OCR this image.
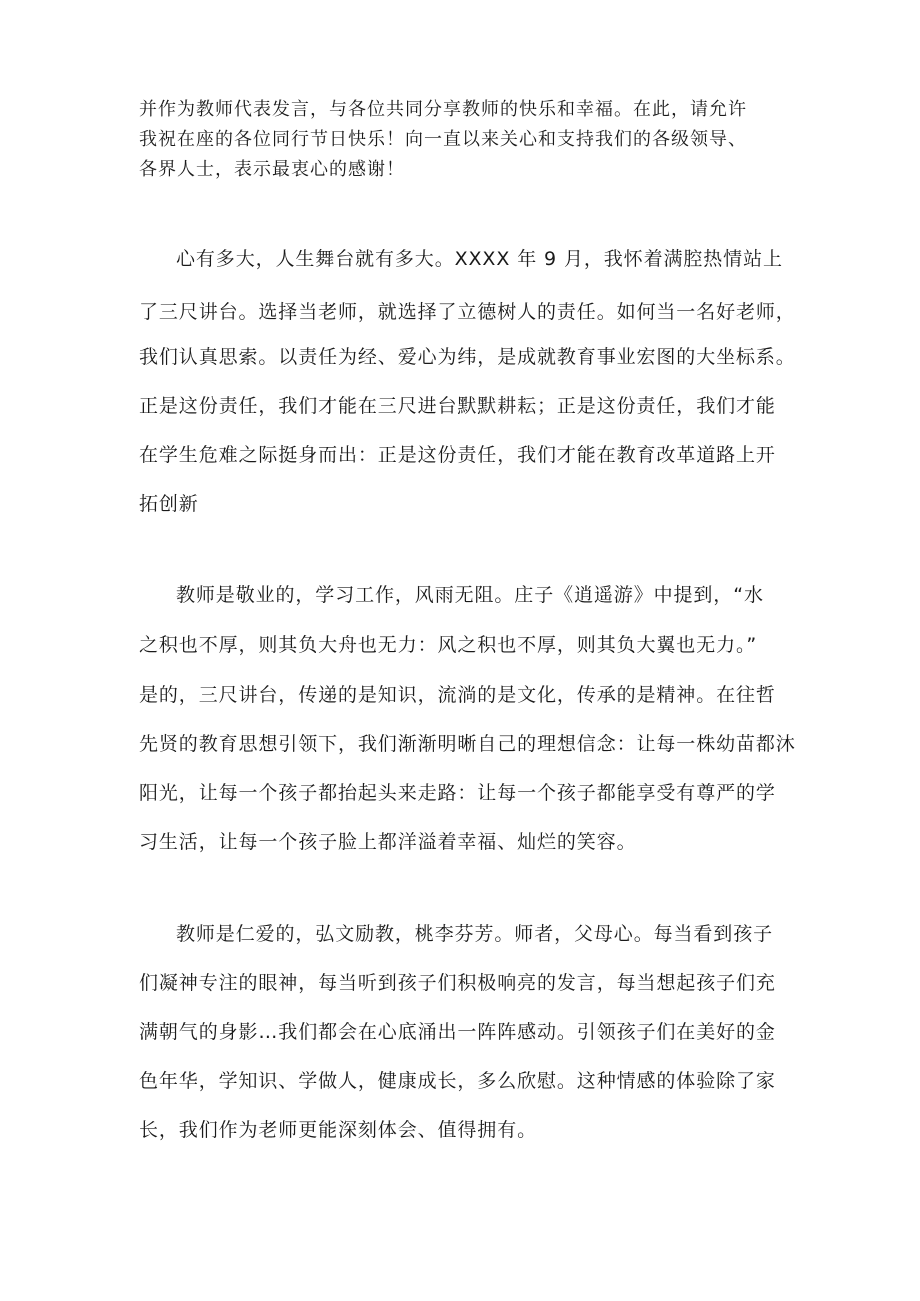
并作为教师代表发言，与各位共同分享教师的快乐和幸福。在此，请允许
我祝在座的各位同行节日快乐！向一直以来关心和支持我们的各级领导、
各界人士，表示最衷心的感谢！
心有多大，人生舞台就有多大。XXXX 年 9 月，我怀着满腔热情站上
了三尺讲台。选择当老师，就选择了立德树人的责任。如何当一名好老师，
我们认真思索。以责任为经、爱心为纬，是成就教育事业宏图的大坐标系。
正是这份责任，我们才能在三尺进台默默耕耘；正是这份责任，我们才能
在学生危难之际挺身而出：正是这份责任，我们才能在教育改革道路上开
拓创新
教师是敬业的，学习工作，风雨无阻。庄子《逍遥游》中提到，“水
之积也不厚，则其负大舟也无力：风之积也不厚，则其负大翼也无力。”
是的，三尺讲台，传递的是知识，流淌的是文化，传承的是精神。在往哲
先贤的教育思想引领下，我们渐渐明晰自己的理想信念：让每一株幼苗都沐
阳光，让每一个孩子都抬起头来走路：让每一个孩子都能享受有尊严的学
习生活，让每一个孩子脸上都洋溢着幸福、灿烂的笑容。
教师是仁爱的，弘文励教，桃李芬芳。师者，父母心。每当看到孩子
们凝神专注的眼神，每当听到孩子们积极响亮的发言，每当想起孩子们充
满朝气的身影…我们都会在心底涌出一阵阵感动。引领孩子们在美好的金
色年华，学知识、学做人，健康成长，多么欣慰。这种情感的体验除了家
长，我们作为老师更能深刻体会、值得拥有。
